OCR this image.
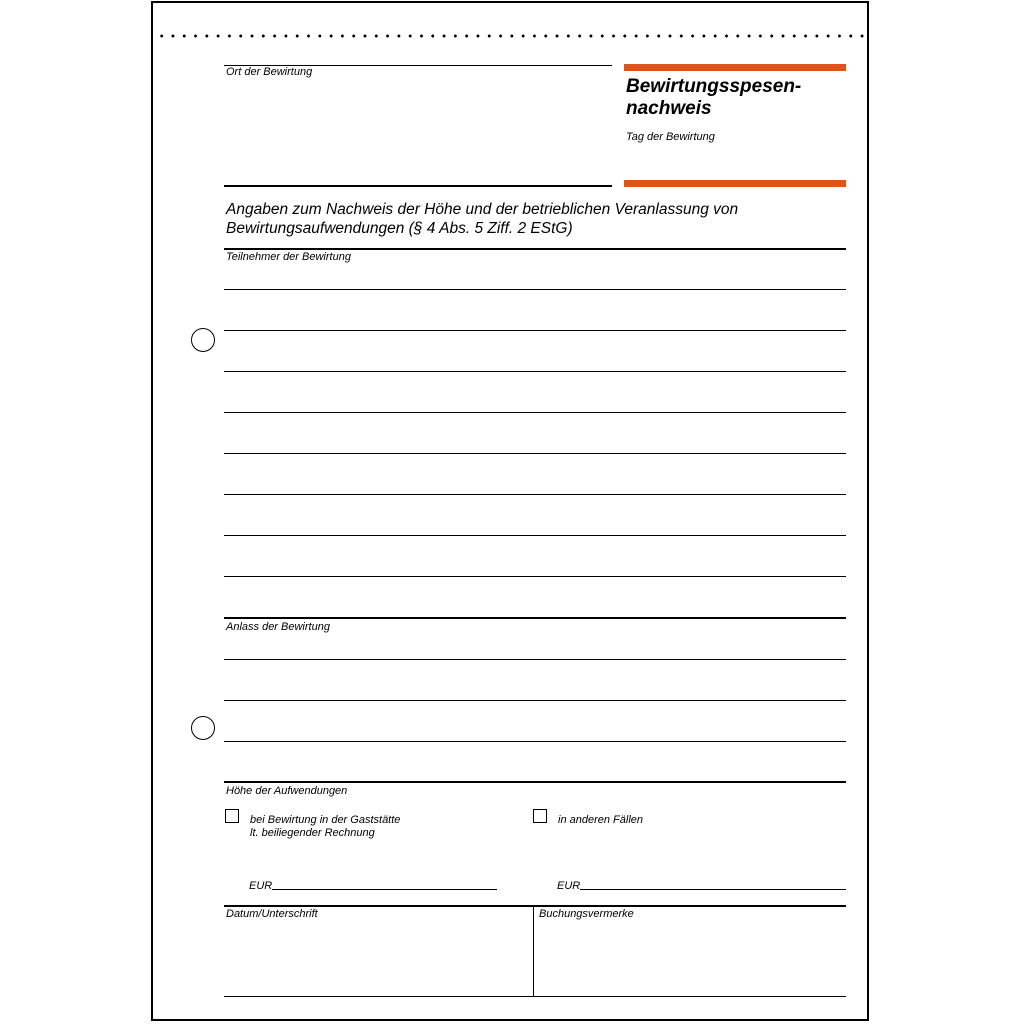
Ort der Bewirtung
Bewirtungsspesen-
nachweis
Tag der Bewirtung
Angaben zum Nachweis der Höhe und der betrieblichen Veranlassung von
Bewirtungsaufwendungen (§ 4 Abs. 5 Ziff. 2 EStG)
Teilnehmer der Bewirtung
Anlass der Bewirtung
Höhe der Aufwendungen
bei Bewirtung in der Gaststätte
lt. beiliegender Rechnung
in anderen Fällen
EUR	EUR
Datum/Unterschrift	Buchungsvermerke
